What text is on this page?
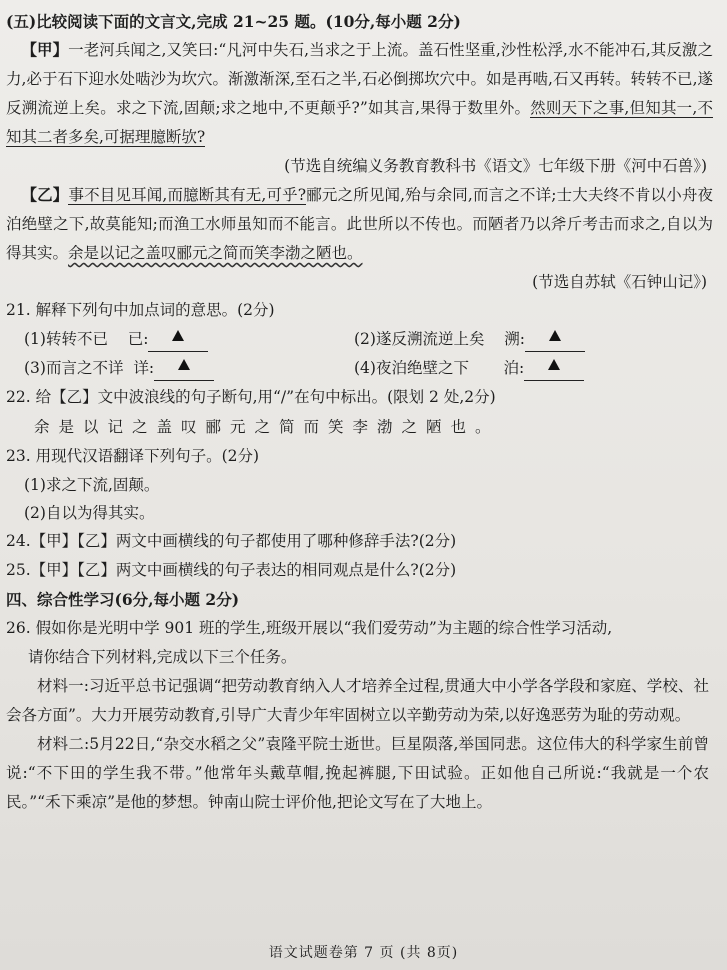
(五)比较阅读下面的文言文,完成 21~25 题。(10分,每小题 2分)
【甲】一老河兵闻之,又笑曰:“凡河中失石,当求之于上流。盖石性坚重,沙性松浮,水不能冲石,其反激之力,必于石下迎水处啮沙为坎穴。渐激渐深,至石之半,石必倒掷坎穴中。如是再啮,石又再转。转转不已,遂反溯流逆上矣。求之下流,固颠;求之地中,不更颠乎?”如其言,果得于数里外。然则天下之事,但知其一,不知其二者多矣,可据理臆断欤?
(节选自统编义务教育教科书《语文》七年级下册《河中石兽》)
【乙】事不目见耳闻,而臆断其有无,可乎?郦元之所见闻,殆与余同,而言之不详;士大夫终不肯以小舟夜泊绝壁之下,故莫能知;而渔工水师虽知而不能言。此世所以不传也。而陋者乃以斧斤考击而求之,自以为得其实。余是以记之盖叹郦元之简而笑李渤之陋也。
(节选自苏轼《石钟山记》)
21. 解释下列句中加点词的意思。(2分)
(1)转转不已 已:	(2)遂反溯流逆上矣 溯:
(3)而言之不详 详:	(4)夜泊绝壁之下 泊:
22. 给【乙】文中波浪线的句子断句,用“/”在句中标出。(限划 2 处,2分)
余是以记之盖叹郦元之简而笑李渤之陋也。
23. 用现代汉语翻译下列句子。(2分)
(1)求之下流,固颠。
(2)自以为得其实。
24.【甲】【乙】两文中画横线的句子都使用了哪种修辞手法?(2分)
25.【甲】【乙】两文中画横线的句子表达的相同观点是什么?(2分)
四、综合性学习(6分,每小题 2分)
26. 假如你是光明中学 901 班的学生,班级开展以“我们爱劳动”为主题的综合性学习活动,
请你结合下列材料,完成以下三个任务。
材料一:习近平总书记强调“把劳动教育纳入人才培养全过程,贯通大中小学各学段和家庭、学校、社会各方面”。大力开展劳动教育,引导广大青少年牢固树立以辛勤劳动为荣,以好逸恶劳为耻的劳动观。
材料二:5月22日,“杂交水稻之父”袁隆平院士逝世。巨星陨落,举国同悲。这位伟大的科学家生前曾说:“不下田的学生我不带。”他常年头戴草帽,挽起裤腿,下田试验。正如他自己所说:“我就是一个农民。”“禾下乘凉”是他的梦想。钟南山院士评价他,把论文写在了大地上。
语文试题卷第 7 页 (共 8页)
